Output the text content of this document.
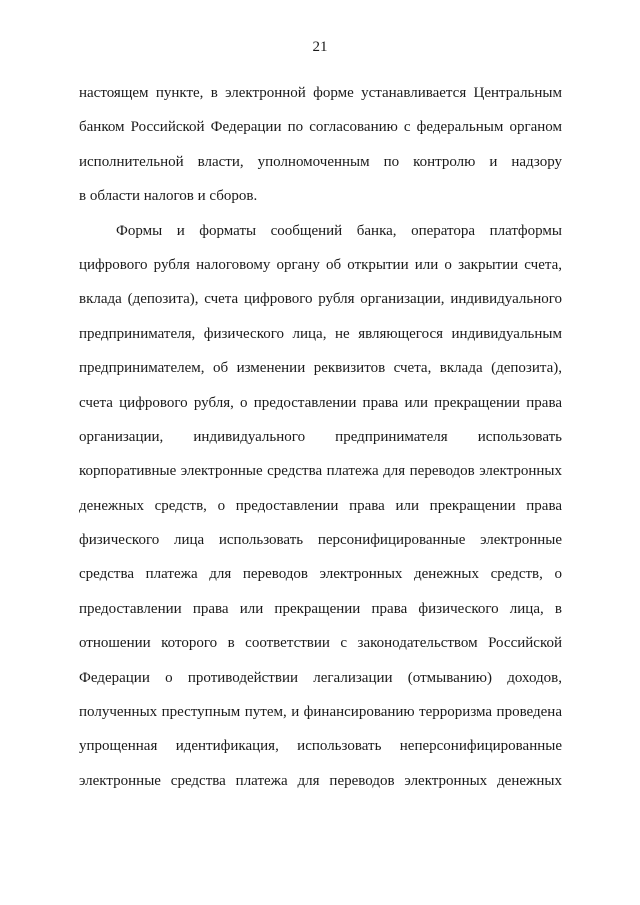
21
настоящем пункте, в электронной форме устанавливается Центральным
банком Российской Федерации по согласованию с федеральным органом
исполнительной власти, уполномоченным по контролю и надзору
в области налогов и сборов.
Формы и форматы сообщений банка, оператора платформы
цифрового рубля налоговому органу об открытии или о закрытии счета,
вклада (депозита), счета цифрового рубля организации, индивидуального
предпринимателя, физического лица, не являющегося индивидуальным
предпринимателем, об изменении реквизитов счета, вклада (депозита),
счета цифрового рубля, о предоставлении права или прекращении права
организации, индивидуального предпринимателя использовать
корпоративные электронные средства платежа для переводов электронных
денежных средств, о предоставлении права или прекращении права
физического лица использовать персонифицированные электронные
средства платежа для переводов электронных денежных средств, о
предоставлении права или прекращении права физического лица, в
отношении которого в соответствии с законодательством Российской
Федерации о противодействии легализации (отмыванию) доходов,
полученных преступным путем, и финансированию терроризма проведена
упрощенная идентификация, использовать неперсонифицированные
электронные средства платежа для переводов электронных денежных
